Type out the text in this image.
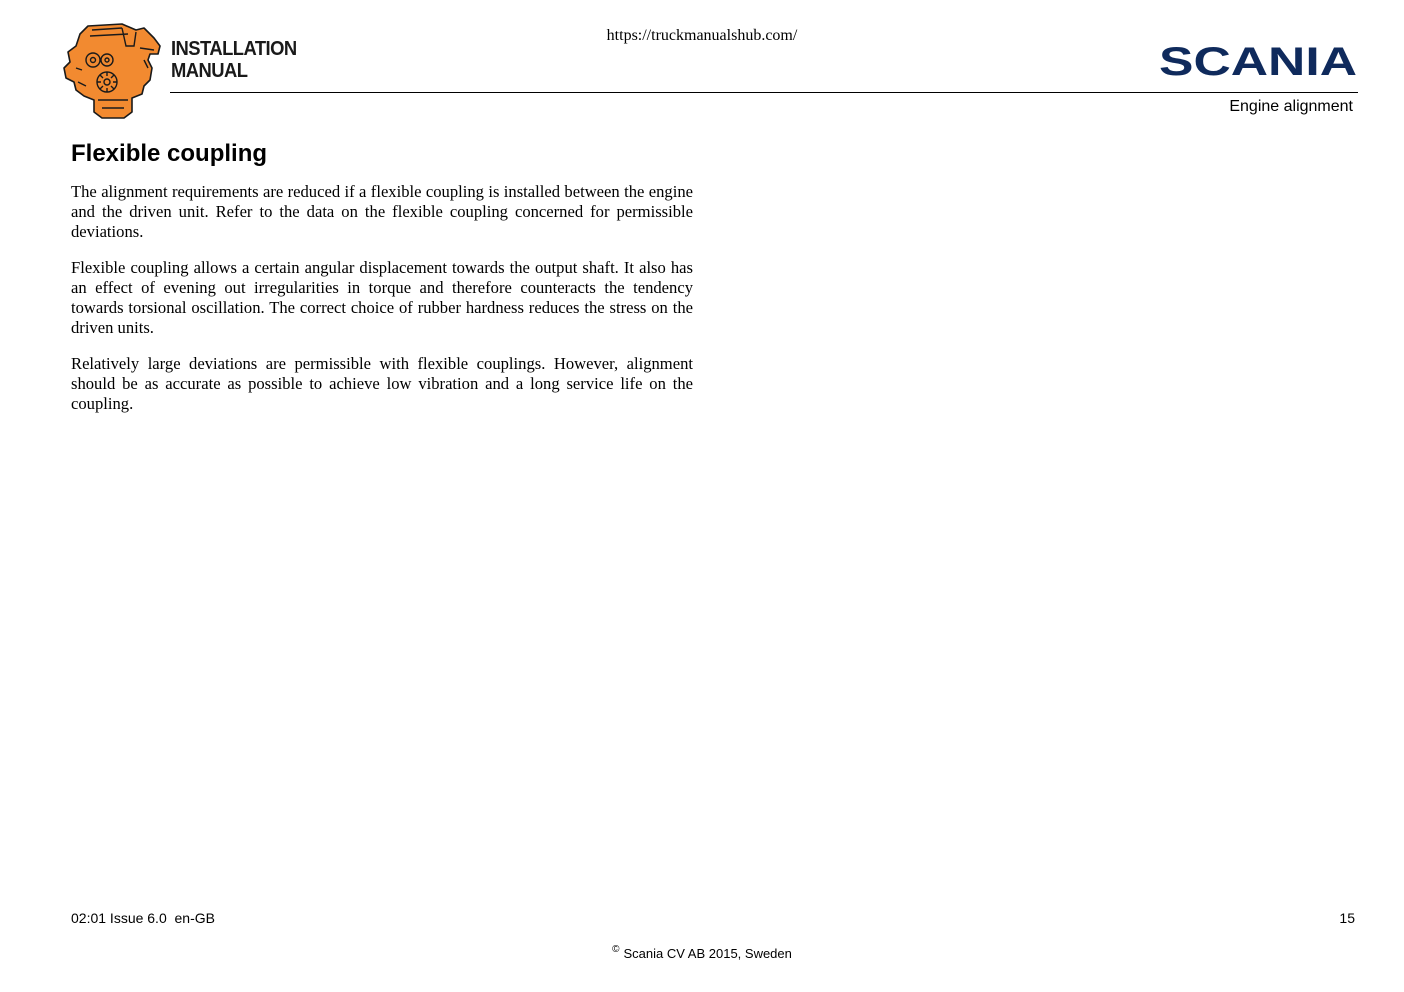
INSTALLATION
MANUAL
https://truckmanualshub.com/
SCANIA
Engine alignment
Flexible coupling

The alignment requirements are reduced if a flexible coupling is installed between the engine and the driven unit. Refer to the data on the flexible coupling concerned for permissible deviations.

Flexible coupling allows a certain angular displacement towards the output shaft. It also has an effect of evening out irregularities in torque and therefore counteracts the tendency towards torsional oscillation. The correct choice of rubber hardness reduces the stress on the driven units.

Relatively large deviations are permissible with flexible couplings. However, alignment should be as accurate as possible to achieve low vibration and a long service life on the coupling.

02:01 Issue 6.0  en-GB	15
© Scania CV AB 2015, Sweden
